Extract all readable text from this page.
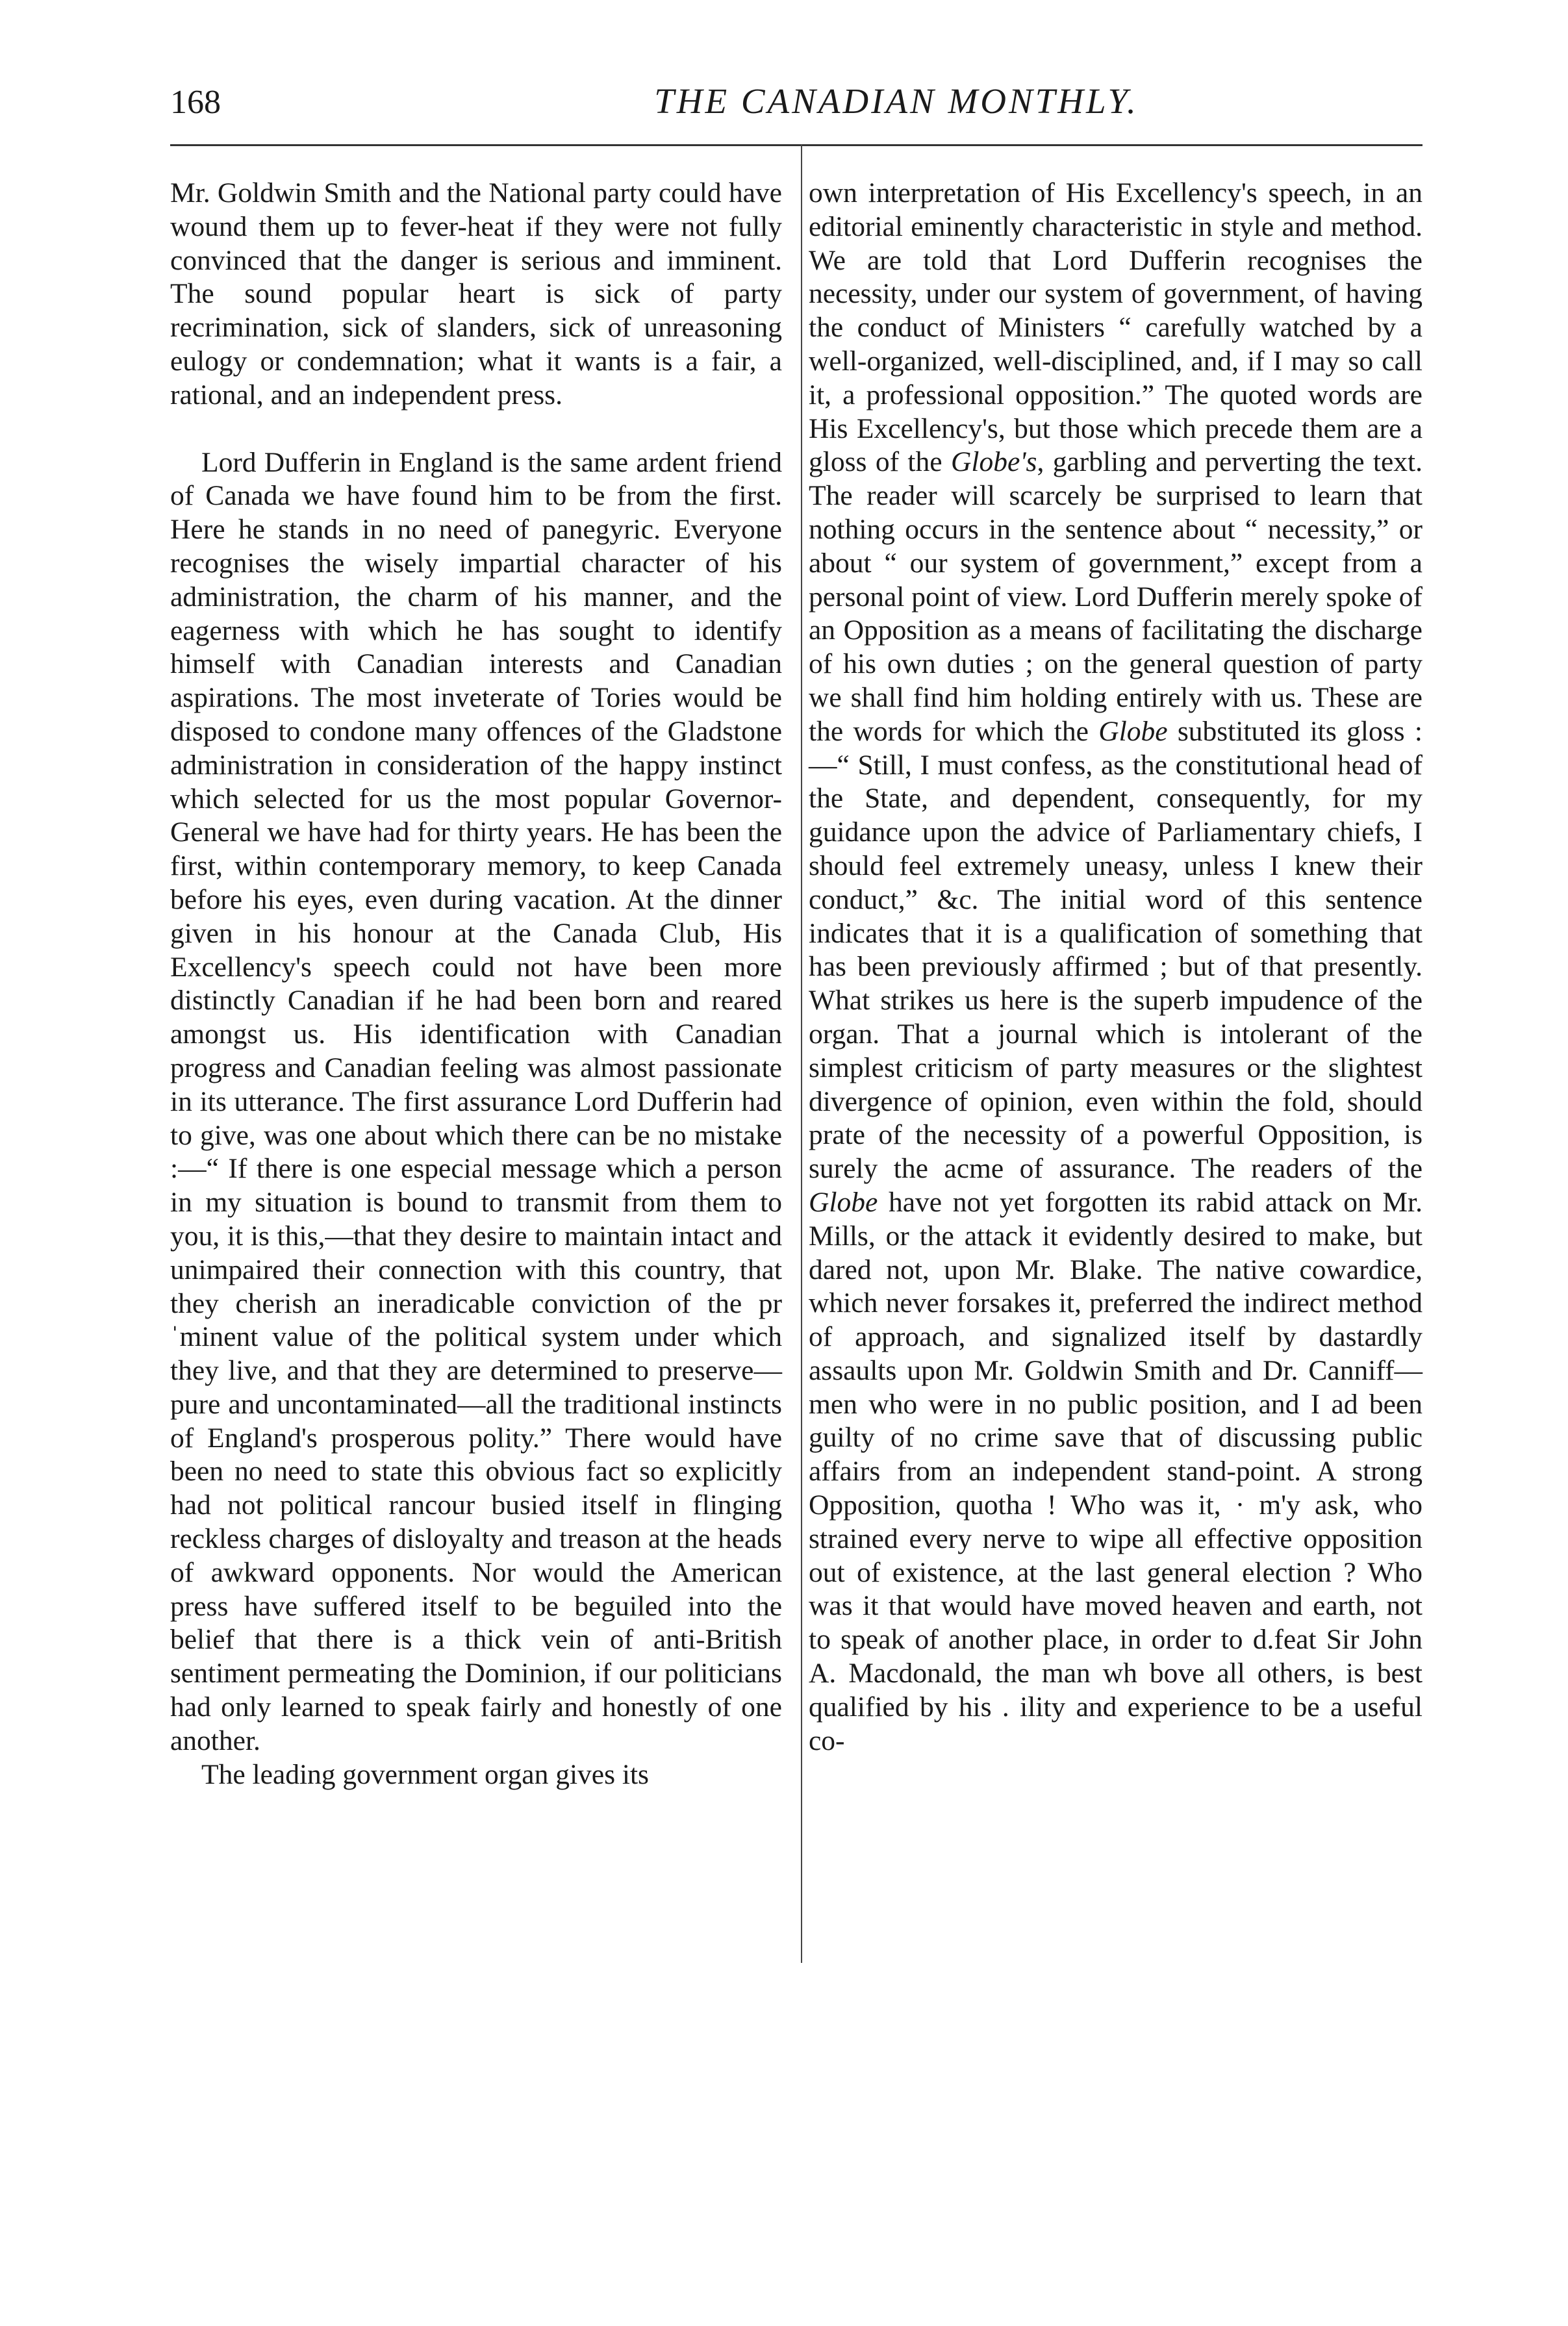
168	THE CANADIAN MONTHLY.

Mr. Goldwin Smith and the National party could have wound them up to fever-heat if they were not fully convinced that the danger is serious and imminent. The sound popular heart is sick of party recrimination, sick of slanders, sick of unreasoning eulogy or condemnation; what it wants is a fair, a rational, and an independent press.

Lord Dufferin in England is the same ardent friend of Canada we have found him to be from the first. Here he stands in no need of panegyric. Everyone recognises the wisely impartial character of his administration, the charm of his manner, and the eagerness with which he has sought to identify himself with Canadian interests and Canadian aspirations. The most inveterate of Tories would be disposed to condone many offences of the Gladstone administration in consideration of the happy instinct which selected for us the most popular Governor-General we have had for thirty years. He has been the first, within contemporary memory, to keep Canada before his eyes, even during vacation. At the dinner given in his honour at the Canada Club, His Excellency's speech could not have been more distinctly Canadian if he had been born and reared amongst us. His identification with Canadian progress and Canadian feeling was almost passionate in its utterance. The first assurance Lord Dufferin had to give, was one about which there can be no mistake :—“ If there is one especial message which a person in my situation is bound to transmit from them to you, it is this,—that they desire to maintain intact and unimpaired their connection with this country, that they cherish an ineradicable conviction of the pr ˈminent value of the political system under which they live, and that they are determined to preserve—pure and uncontaminated—all the traditional instincts of England's prosperous polity.” There would have been no need to state this obvious fact so explicitly had not political rancour busied itself in flinging reckless charges of disloyalty and treason at the heads of awkward opponents. Nor would the American press have suffered itself to be beguiled into the belief that there is a thick vein of anti-British sentiment permeating the Dominion, if our politicians had only learned to speak fairly and honestly of one another.

The leading government organ gives its

own interpretation of His Excellency's speech, in an editorial eminently characteristic in style and method. We are told that Lord Dufferin recognises the necessity, under our system of government, of having the conduct of Ministers “ carefully watched by a well-organized, well-disciplined, and, if I may so call it, a professional opposition.” The quoted words are His Excellency's, but those which precede them are a gloss of the Globe's, garbling and perverting the text. The reader will scarcely be surprised to learn that nothing occurs in the sentence about “ necessity,” or about “ our system of government,” except from a personal point of view. Lord Dufferin merely spoke of an Opposition as a means of facilitating the discharge of his own duties ; on the general question of party we shall find him holding entirely with us. These are the words for which the Globe substituted its gloss :—“ Still, I must confess, as the constitutional head of the State, and dependent, consequently, for my guidance upon the advice of Parliamentary chiefs, I should feel extremely uneasy, unless I knew their conduct,” &c. The initial word of this sentence indicates that it is a qualification of something that has been previously affirmed ; but of that presently. What strikes us here is the superb impudence of the organ. That a journal which is intolerant of the simplest criticism of party measures or the slightest divergence of opinion, even within the fold, should prate of the necessity of a powerful Opposition, is surely the acme of assurance. The readers of the Globe have not yet forgotten its rabid attack on Mr. Mills, or the attack it evidently desired to make, but dared not, upon Mr. Blake. The native cowardice, which never forsakes it, preferred the indirect method of approach, and signalized itself by dastardly assaults upon Mr. Goldwin Smith and Dr. Canniff—men who were in no public position, and I ad been guilty of no crime save that of discussing public affairs from an independent stand-point. A strong Opposition, quotha ! Who was it, · m'y ask, who strained every nerve to wipe all effective opposition out of existence, at the last general election ? Who was it that would have moved heaven and earth, not to speak of another place, in order to d.feat Sir John A. Macdonald, the man wh bove all others, is best qualified by his . ility and experience to be a useful co-
